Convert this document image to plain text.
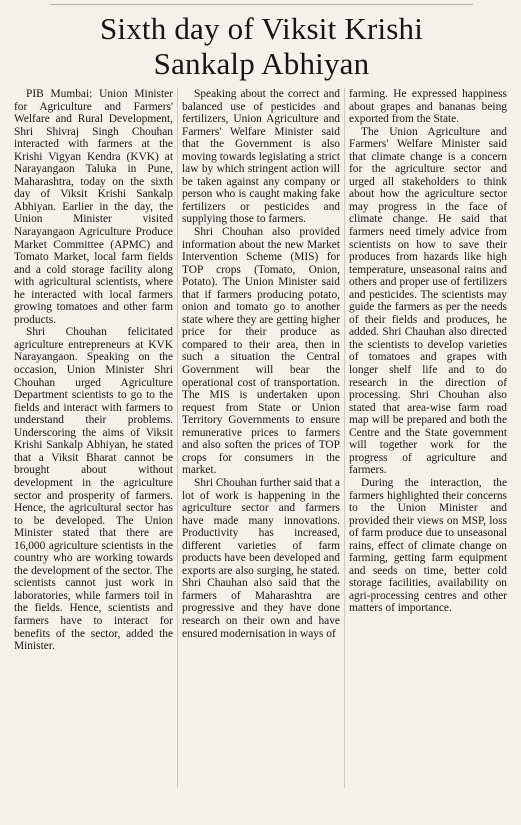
Sixth day of Viksit Krishi
Sankalp Abhiyan

PIB Mumbai: Union Minister for Agriculture and Farmers' Welfare and Rural Development, Shri Shivraj Singh Chouhan interacted with farmers at the Krishi Vigyan Kendra (KVK) at Narayangaon Taluka in Pune, Maharashtra, today on the sixth day of Viksit Krishi Sankalp Abhiyan. Earlier in the day, the Union Minister visited Narayangaon Agriculture Produce Market Committee (APMC) and Tomato Market, local farm fields and a cold storage facility along with agricultural scientists, where he interacted with local farmers growing tomatoes and other farm products.

Shri Chouhan felicitated agriculture entrepreneurs at KVK Narayangaon. Speaking on the occasion, Union Minister Shri Chouhan urged Agriculture Department scientists to go to the fields and interact with farmers to understand their problems. Underscoring the aims of Viksit Krishi Sankalp Abhiyan, he stated that a Viksit Bharat cannot be brought about without development in the agriculture sector and prosperity of farmers. Hence, the agricultural sector has to be developed. The Union Minister stated that there are 16,000 agriculture scientists in the country who are working towards the development of the sector. The scientists cannot just work in laboratories, while farmers toil in the fields. Hence, scientists and farmers have to interact for benefits of the sector, added the Minister.

Speaking about the correct and balanced use of pesticides and fertilizers, Union Agriculture and Farmers' Welfare Minister said that the Government is also moving towards legislating a strict law by which stringent action will be taken against any company or person who is caught making fake fertilizers or pesticides and supplying those to farmers.

Shri Chouhan also provided information about the new Market Intervention Scheme (MIS) for TOP crops (Tomato, Onion, Potato). The Union Minister said that if farmers producing potato, onion and tomato go to another state where they are getting higher price for their produce as compared to their area, then in such a situation the Central Government will bear the operational cost of transportation. The MIS is undertaken upon request from State or Union Territory Governments to ensure remunerative prices to farmers and also soften the prices of TOP crops for consumers in the market.

Shri Chouhan further said that a lot of work is happening in the agriculture sector and farmers have made many innovations. Productivity has increased, different varieties of farm products have been developed and exports are also surging, he stated. Shri Chauhan also said that the farmers of Maharashtra are progressive and they have done research on their own and have ensured modernisation in ways of

farming. He expressed happiness about grapes and bananas being exported from the State.

The Union Agriculture and Farmers' Welfare Minister said that climate change is a concern for the agriculture sector and urged all stakeholders to think about how the agriculture sector may progress in the face of climate change. He said that farmers need timely advice from scientists on how to save their produces from hazards like high temperature, unseasonal rains and others and proper use of fertilizers and pesticides. The scientists may guide the farmers as per the needs of their fields and produces, he added. Shri Chauhan also directed the scientists to develop varieties of tomatoes and grapes with longer shelf life and to do research in the direction of processing. Shri Chouhan also stated that area-wise farm road map will be prepared and both the Centre and the State government will together work for the progress of agriculture and farmers.

During the interaction, the farmers highlighted their concerns to the Union Minister and provided their views on MSP, loss of farm produce due to unseasonal rains, effect of climate change on farming, getting farm equipment and seeds on time, better cold storage facilities, availability on agri-processing centres and other matters of importance.
